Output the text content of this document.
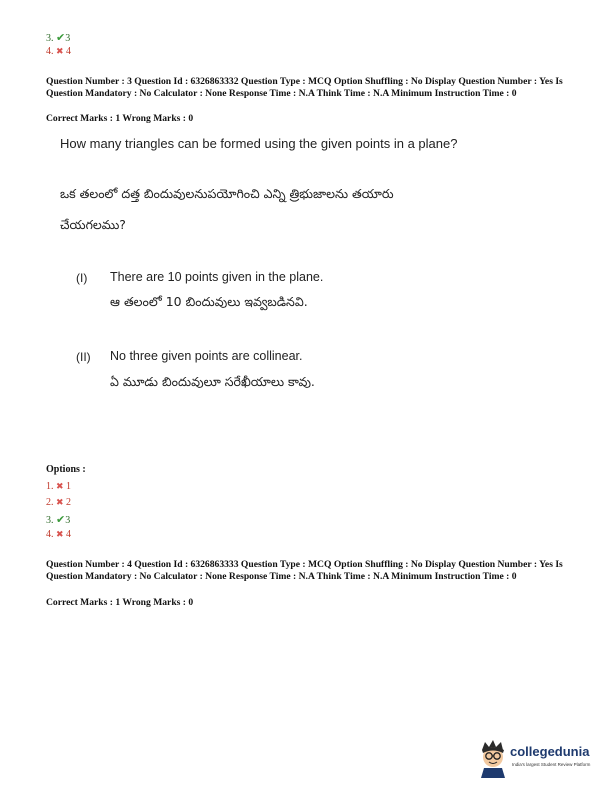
3. ✔3
4. ✖ 4
Question Number : 3 Question Id : 6326863332 Question Type : MCQ Option Shuffling : No Display Question Number : Yes Is Question Mandatory : No Calculator : None Response Time : N.A Think Time : N.A Minimum Instruction Time : 0
Correct Marks : 1 Wrong Marks : 0
How many triangles can be formed using the given points in a plane?
ఒక తలంలో దత్త బిందువులనుపయోగించి ఎన్ని త్రిభుజాలను తయారు
చేయగలము?
(I) There are 10 points given in the plane.
ఆ తలంలో 10 బిందువులు ఇవ్వబడినవి.
(II) No three given points are collinear.
ఏ మూడు బిందువులూ సరేఖీయాలు కావు.
Options :
1. ✖ 1
2. ✖ 2
3. ✔3
4. ✖ 4
Question Number : 4 Question Id : 6326863333 Question Type : MCQ Option Shuffling : No Display Question Number : Yes Is Question Mandatory : No Calculator : None Response Time : N.A Think Time : N.A Minimum Instruction Time : 0
Correct Marks : 1 Wrong Marks : 0
collegedunia
India's largest Student Review Platform
